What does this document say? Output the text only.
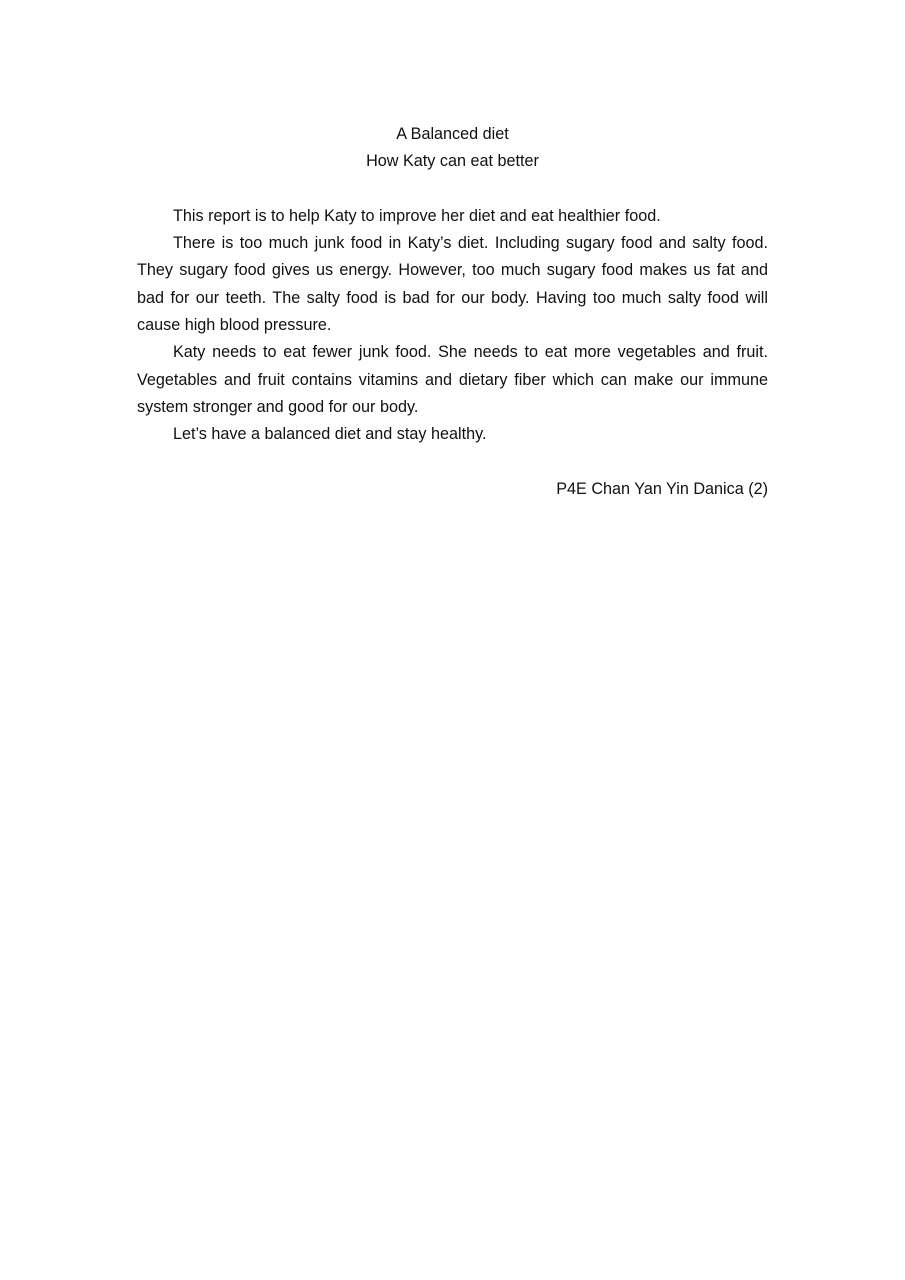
A Balanced diet

How Katy can eat better

This report is to help Katy to improve her diet and eat healthier food.

There is too much junk food in Katy’s diet. Including sugary food and salty food. They sugary food gives us energy. However, too much sugary food makes us fat and bad for our teeth. The salty food is bad for our body. Having too much salty food will cause high blood pressure.

Katy needs to eat fewer junk food. She needs to eat more vegetables and fruit. Vegetables and fruit contains vitamins and dietary fiber which can make our immune system stronger and good for our body.

Let’s have a balanced diet and stay healthy.

P4E Chan Yan Yin Danica (2)
